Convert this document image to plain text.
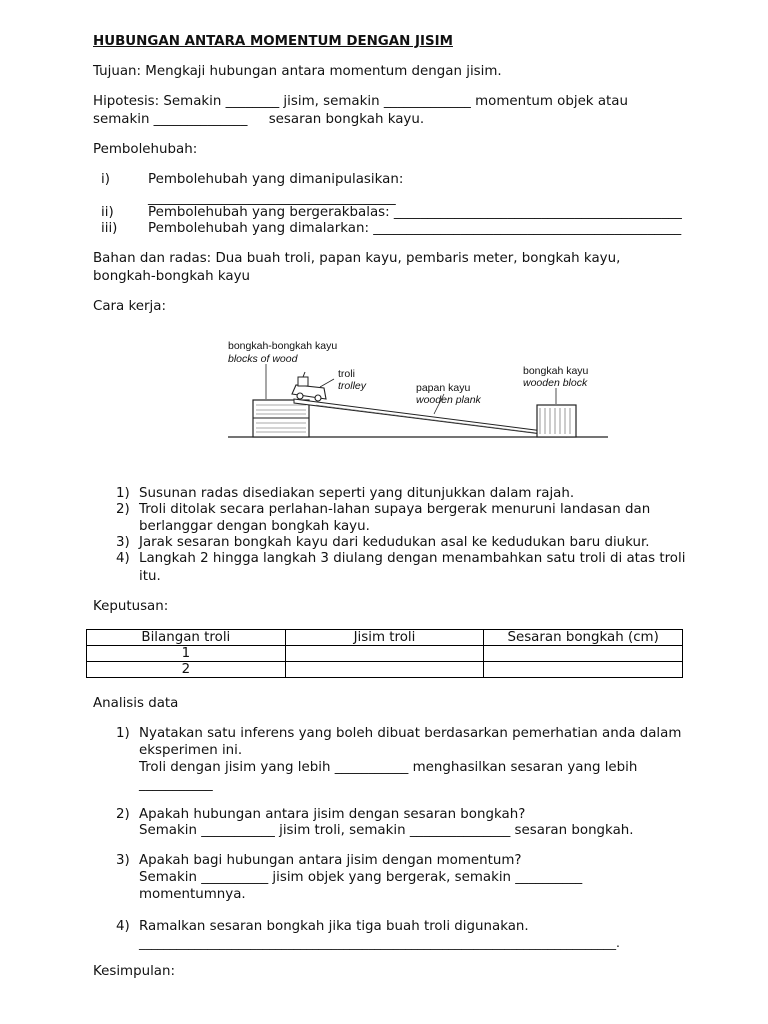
HUBUNGAN ANTARA MOMENTUM DENGAN JISIM
Tujuan: Mengkaji hubungan antara momentum dengan jisim.
Hipotesis: Semakin ________ jisim, semakin _____________ momentum objek atau
semakin ______________     sesaran bongkah kayu.
Pembolehubah:
i)	Pembolehubah yang dimanipulasikan:
_____________________________________
ii)	Pembolehubah yang bergerakbalas: ___________________________________________
iii) Pembolehubah yang dimalarkan: ______________________________________________
Bahan dan radas: Dua buah troli, papan kayu, pembaris meter, bongkah kayu,
bongkah-bongkah kayu
Cara kerja:
bongkah-bongkah kayu
blocks of wood
troli
trolley	papan kayu
wooden plank
bongkah kayu
wooden block
1) Susunan radas disediakan seperti yang ditunjukkan dalam rajah.
2) Troli ditolak secara perlahan-lahan supaya bergerak menuruni landasan dan
berlanggar dengan bongkah kayu.
3) Jarak sesaran bongkah kayu dari kedudukan asal ke kedudukan baru diukur.
4) Langkah 2 hingga langkah 3 diulang dengan menambahkan satu troli di atas troli
itu.
Keputusan:
Bilangan troli	Jisim troli	Sesaran bongkah (cm)
1		
2		
Analisis data
1) Nyatakan satu inferens yang boleh dibuat berdasarkan pemerhatian anda dalam
eksperimen ini.
Troli dengan jisim yang lebih ___________ menghasilkan sesaran yang lebih
___________
2) Apakah hubungan antara jisim dengan sesaran bongkah?
Semakin ___________ jisim troli, semakin _______________ sesaran bongkah.
3) Apakah bagi hubungan antara jisim dengan momentum?
Semakin __________ jisim objek yang bergerak, semakin __________
momentumnya.
4) Ramalkan sesaran bongkah jika tiga buah troli digunakan.
_____________________________________________________________________________.
Kesimpulan:
